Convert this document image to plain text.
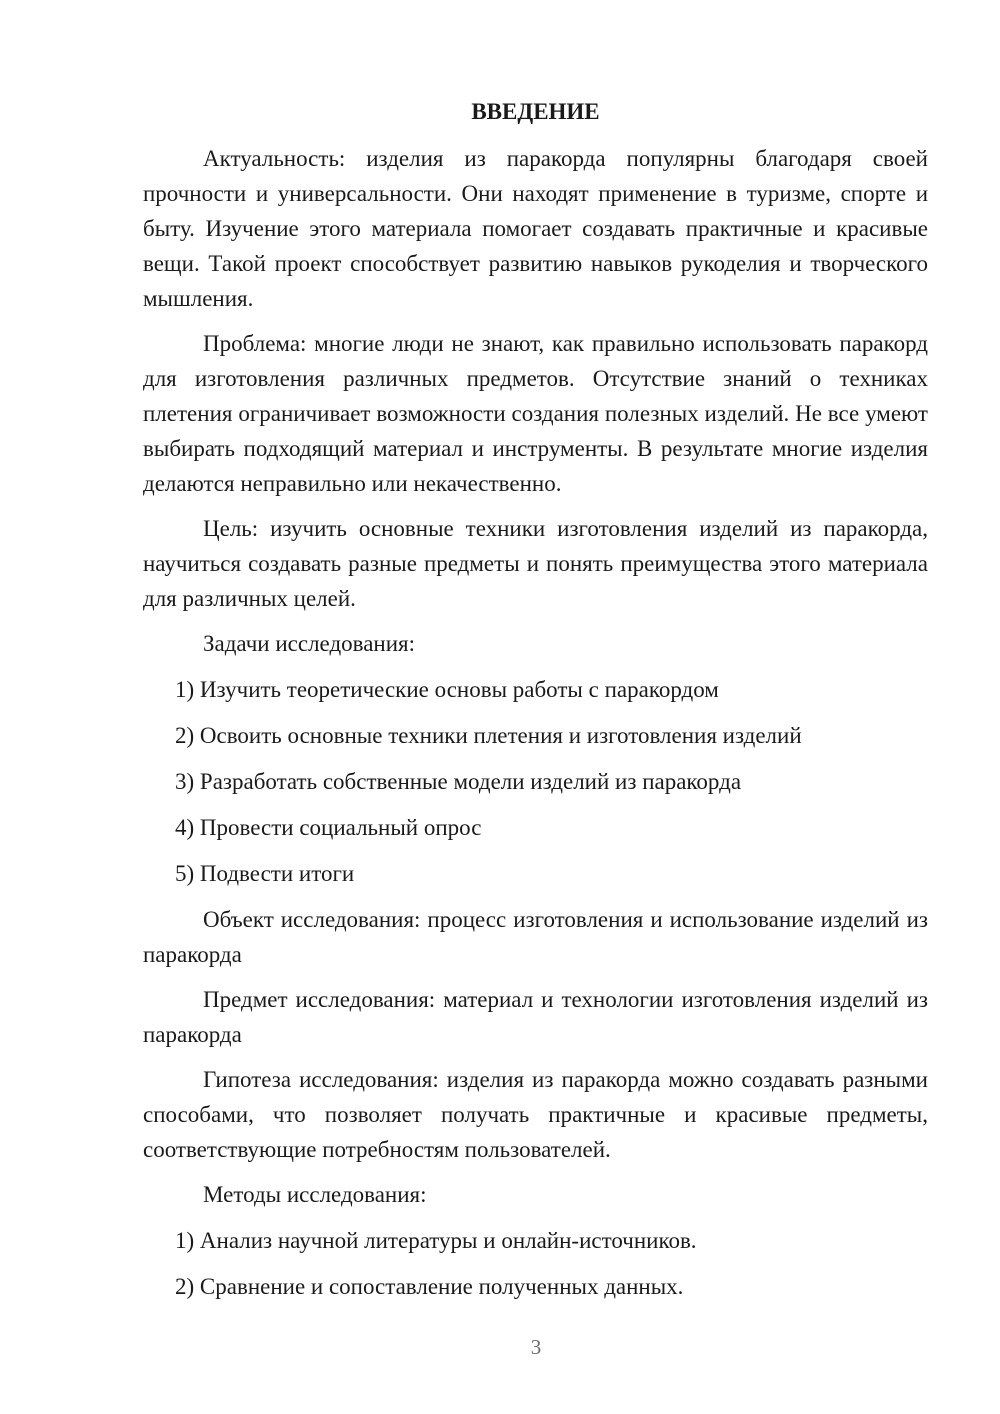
ВВЕДЕНИЕ

Актуальность: изделия из паракорда популярны благодаря своей прочности и универсальности. Они находят применение в туризме, спорте и быту. Изучение этого материала помогает создавать практичные и красивые вещи. Такой проект способствует развитию навыков рукоделия и творческого мышления.

Проблема: многие люди не знают, как правильно использовать паракорд для изготовления различных предметов. Отсутствие знаний о техниках плетения ограничивает возможности создания полезных изделий. Не все умеют выбирать подходящий материал и инструменты. В результате многие изделия делаются неправильно или некачественно.

Цель: изучить основные техники изготовления изделий из паракорда, научиться создавать разные предметы и понять преимущества этого материала для различных целей.

Задачи исследования:

1) Изучить теоретические основы работы с паракордом
2) Освоить основные техники плетения и изготовления изделий
3) Разработать собственные модели изделий из паракорда
4) Провести социальный опрос
5) Подвести итоги

Объект исследования: процесс изготовления и использование изделий из паракорда

Предмет исследования: материал и технологии изготовления изделий из паракорда

Гипотеза исследования: изделия из паракорда можно создавать разными способами, что позволяет получать практичные и красивые предметы, соответствующие потребностям пользователей.

Методы исследования:

1) Анализ научной литературы и онлайн-источников.
2) Сравнение и сопоставление полученных данных.
3
